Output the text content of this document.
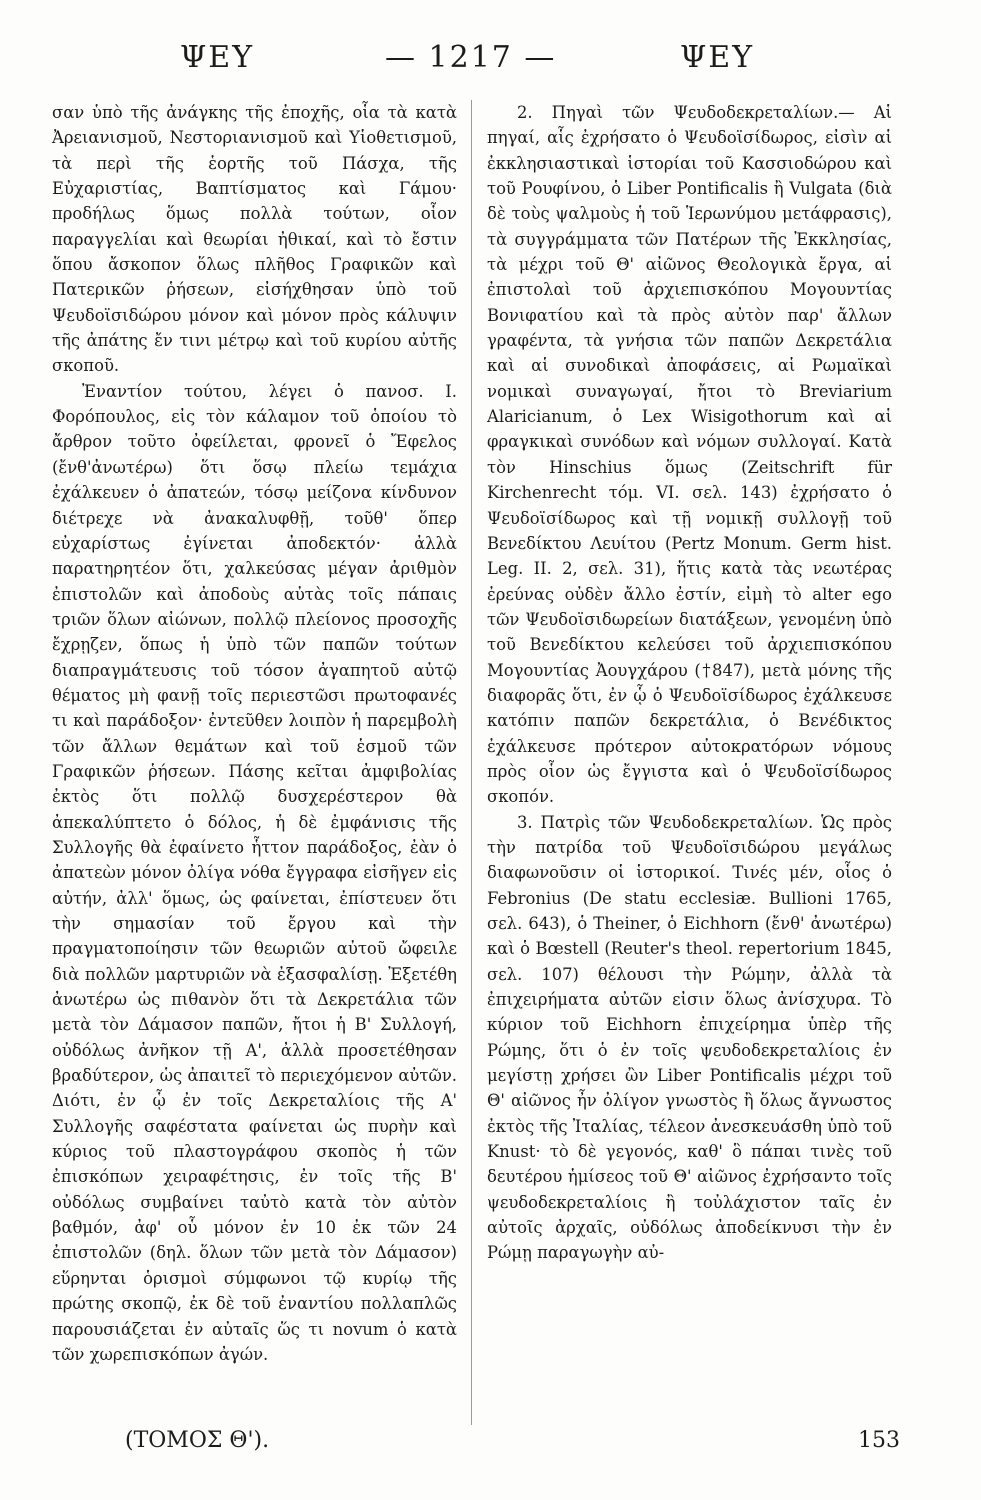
ΨΕΥ	— 1217 —	ΨΕΥ

σαν ὑπὸ τῆς ἀνάγκης τῆς ἐποχῆς, οἷα τὰ κατὰ Ἀρειανισμοῦ, Νεστοριανισμοῦ καὶ Υἱοθετισμοῦ, τὰ περὶ τῆς ἑορτῆς τοῦ Πάσχα, τῆς Εὐχαριστίας, Βαπτίσματος καὶ Γάμου· προδήλως ὅμως πολλὰ τούτων, οἷον παραγγελίαι καὶ θεωρίαι ἠθικαί, καὶ τὸ ἔστιν ὅπου ἄσκοπον ὅλως πλῆθος Γραφικῶν καὶ Πατερικῶν ῥήσεων, εἰσήχθησαν ὑπὸ τοῦ Ψευδοϊσιδώρου μόνον καὶ μόνον πρὸς κάλυψιν τῆς ἀπάτης ἔν τινι μέτρῳ καὶ τοῦ κυρίου αὐτῆς σκοποῦ.

Ἐναντίον τούτου, λέγει ὁ πανοσ. Ι. Φορόπουλος, εἰς τὸν κάλαμον τοῦ ὁποίου τὸ ἄρθρον τοῦτο ὀφείλεται, φρονεῖ ὁ Ἔφελος (ἔνθ'ἀνωτέρω) ὅτι ὅσῳ πλείω τεμάχια ἐχάλκευεν ὁ ἀπατεών, τόσῳ μείζονα κίνδυνον διέτρεχε νὰ ἀνακαλυφθῇ, τοῦθ' ὅπερ εὐχαρίστως ἐγίνεται ἀποδεκτόν· ἀλλὰ παρατηρητέον ὅτι, χαλκεύσας μέγαν ἀριθμὸν ἐπιστολῶν καὶ ἀποδοὺς αὐτὰς τοῖς πάπαις τριῶν ὅλων αἰώνων, πολλῷ πλείονος προσοχῆς ἔχρῃζεν, ὅπως ἡ ὑπὸ τῶν παπῶν τούτων διαπραγμάτευσις τοῦ τόσον ἀγαπητοῦ αὐτῷ θέματος μὴ φανῇ τοῖς περιεστῶσι πρωτοφανές τι καὶ παράδοξον· ἐντεῦθεν λοιπὸν ἡ παρεμβολὴ τῶν ἄλλων θεμάτων καὶ τοῦ ἑσμοῦ τῶν Γραφικῶν ῥήσεων. Πάσης κεῖται ἀμφιβολίας ἐκτὸς ὅτι πολλῷ δυσχερέστερον θὰ ἀπεκαλύπτετο ὁ δόλος, ἡ δὲ ἐμφάνισις τῆς Συλλογῆς θὰ ἐφαίνετο ἧττον παράδοξος, ἐὰν ὁ ἀπατεὼν μόνον ὀλίγα νόθα ἔγγραφα εἰσῆγεν εἰς αὐτήν, ἀλλ' ὅμως, ὡς φαίνεται, ἐπίστευεν ὅτι τὴν σημασίαν τοῦ ἔργου καὶ τὴν πραγματοποίησιν τῶν θεωριῶν αὐτοῦ ὤφειλε διὰ πολλῶν μαρτυριῶν νὰ ἐξασφαλίσῃ. Ἐξετέθη ἀνωτέρω ὡς πιθανὸν ὅτι τὰ Δεκρετάλια τῶν μετὰ τὸν Δάμασον παπῶν, ἤτοι ἡ Β' Συλλογή, οὐδόλως ἀνῆκον τῇ Α', ἀλλὰ προσετέθησαν βραδύτερον, ὡς ἀπαιτεῖ τὸ περιεχόμενον αὐτῶν. Διότι, ἐν ᾧ ἐν τοῖς Δεκρεταλίοις τῆς Α' Συλλογῆς σαφέστατα φαίνεται ὡς πυρὴν καὶ κύριος τοῦ πλαστογράφου σκοπὸς ἡ τῶν ἐπισκόπων χειραφέτησις, ἐν τοῖς τῆς Β' οὐδόλως συμβαίνει ταὐτὸ κατὰ τὸν αὐτὸν βαθμόν, ἀφ' οὗ μόνον ἐν 10 ἐκ τῶν 24 ἐπιστολῶν (δηλ. ὅλων τῶν μετὰ τὸν Δάμασον) εὕρηνται ὁρισμοὶ σύμφωνοι τῷ κυρίῳ τῆς πρώτης σκοπῷ, ἐκ δὲ τοῦ ἐναντίου πολλαπλῶς παρουσιάζεται ἐν αὐταῖς ὥς τι novum ὁ κατὰ τῶν χωρεπισκόπων ἀγών.

2. Πηγαὶ τῶν Ψευδοδεκρεταλίων.— Αἱ πηγαί, αἷς ἐχρήσατο ὁ Ψευδοϊσίδωρος, εἰσὶν αἱ ἐκκλησιαστικαὶ ἱστορίαι τοῦ Κασσιοδώρου καὶ τοῦ Ρουφίνου, ὁ Liber Pontificalis ἢ Vulgata (διὰ δὲ τοὺς ψαλμοὺς ἡ τοῦ Ἱερωνύμου μετάφρασις), τὰ συγγράμματα τῶν Πατέρων τῆς Ἐκκλησίας, τὰ μέχρι τοῦ Θ' αἰῶνος Θεολογικὰ ἔργα, αἱ ἐπιστολαὶ τοῦ ἀρχιεπισκόπου Μογουντίας Βονιφατίου καὶ τὰ πρὸς αὐτὸν παρ' ἄλλων γραφέντα, τὰ γνήσια τῶν παπῶν Δεκρετάλια καὶ αἱ συνοδικαὶ ἀποφάσεις, αἱ Ρωμαϊκαὶ νομικαὶ συναγωγαί, ἤτοι τὸ Breviarium Alaricianum, ὁ Lex Wisigothorum καὶ αἱ φραγκικαὶ συνόδων καὶ νόμων συλλογαί. Κατὰ τὸν Hinschius ὅμως (Zeitschrift für Kirchenrecht τόμ. VI. σελ. 143) ἐχρήσατο ὁ Ψευδοϊσίδωρος καὶ τῇ νομικῇ συλλογῇ τοῦ Βενεδίκτου Λευίτου (Pertz Monum. Germ hist. Leg. II. 2, σελ. 31), ἥτις κατὰ τὰς νεωτέρας ἐρεύνας οὐδὲν ἄλλο ἐστίν, εἰμὴ τὸ alter ego τῶν Ψευδοϊσιδωρείων διατάξεων, γενομένη ὑπὸ τοῦ Βενεδίκτου κελεύσει τοῦ ἀρχιεπισκόπου Μογουντίας Ἀουγχάρου (†847), μετὰ μόνης τῆς διαφορᾶς ὅτι, ἐν ᾧ ὁ Ψευδοϊσίδωρος ἐχάλκευσε κατόπιν παπῶν δεκρετάλια, ὁ Βενέδικτος ἐχάλκευσε πρότερον αὐτοκρατόρων νόμους πρὸς οἷον ὡς ἔγγιστα καὶ ὁ Ψευδοϊσίδωρος σκοπόν.

3. Πατρὶς τῶν Ψευδοδεκρεταλίων. Ὡς πρὸς τὴν πατρίδα τοῦ Ψευδοϊσιδώρου μεγάλως διαφωνοῦσιν οἱ ἱστορικοί. Τινές μέν, οἷος ὁ Febronius (De statu ecclesiæ. Bullioni 1765, σελ. 643), ὁ Theiner, ὁ Eichhorn (ἔνθ' ἀνωτέρω) καὶ ὁ Bœstell (Reuter's theol. repertorium 1845, σελ. 107) θέλουσι τὴν Ρώμην, ἀλλὰ τὰ ἐπιχειρήματα αὐτῶν εἰσιν ὅλως ἀνίσχυρα. Τὸ κύριον τοῦ Eichhorn ἐπιχείρημα ὑπὲρ τῆς Ρώμης, ὅτι ὁ ἐν τοῖς ψευδοδεκρεταλίοις ἐν μεγίστῃ χρήσει ὢν Liber Pontificalis μέχρι τοῦ Θ' αἰῶνος ἦν ὀλίγον γνωστὸς ἢ ὅλως ἄγνωστος ἐκτὸς τῆς Ἰταλίας, τέλεον ἀνεσκευάσθη ὑπὸ τοῦ Knust· τὸ δὲ γεγονός, καθ' ὃ πάπαι τινὲς τοῦ δευτέρου ἡμίσεος τοῦ Θ' αἰῶνος ἐχρήσαντο τοῖς ψευδοδεκρεταλίοις ἢ τοὐλάχιστον ταῖς ἐν αὐτοῖς ἀρχαῖς, οὐδόλως ἀποδείκνυσι τὴν ἐν Ρώμῃ παραγωγὴν αὐ-

(ΤΟΜΟΣ Θ').	153
